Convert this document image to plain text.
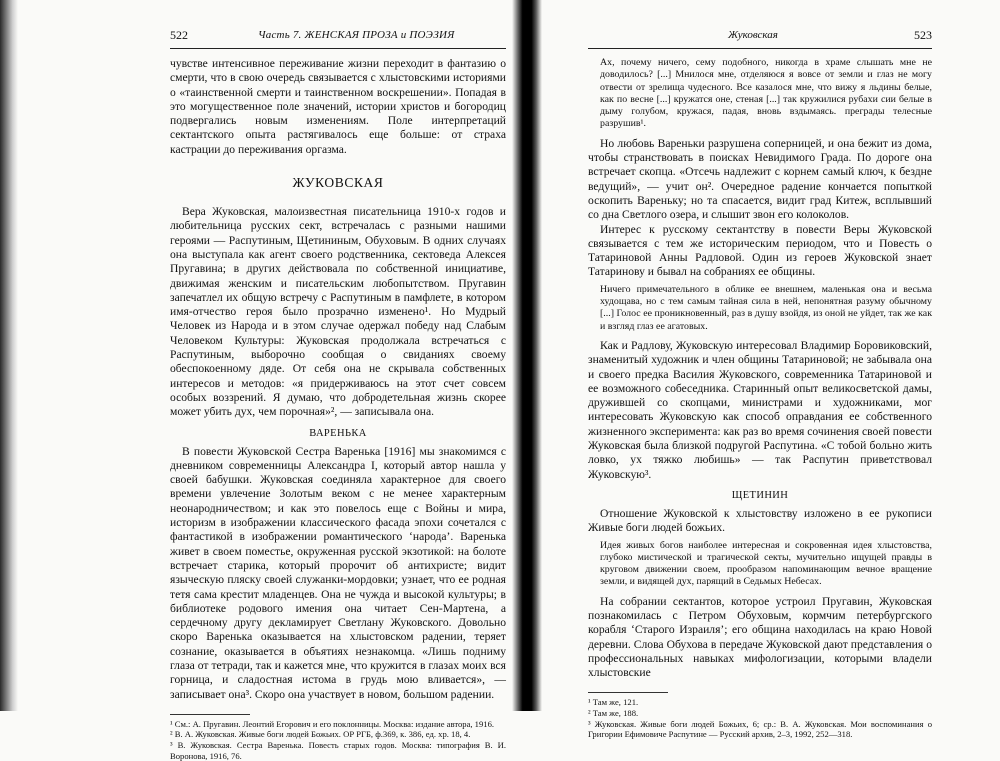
522	Часть 7. ЖЕНСКАЯ ПРОЗА и ПОЭЗИЯ

чувстве интенсивное переживание жизни переходит в фантазию о смерти, что в свою очередь связывается с хлыстовскими историями о «таинственной смерти и таинственном воскрешении». Попадая в это могущественное поле значений, истории христов и богородиц подвергались новым изменениям. Поле интерпретаций сектантского опыта растягивалось еще больше: от страха кастрации до переживания оргазма.

ЖУКОВСКАЯ

Вера Жуковская, малоизвестная писательница 1910-х годов и любительница русских сект, встречалась с разными нашими героями — Распутиным, Щетининым, Обуховым. В одних случаях она выступала как агент своего родственника, сектоведа Алексея Пругавина; в других действовала по собственной инициативе, движимая женским и писательским любопытством. Пругавин запечатлел их общую встречу с Распутиным в памфлете, в котором имя-отчество героя было прозрачно изменено¹. Но Мудрый Человек из Народа и в этом случае одержал победу над Слабым Человеком Культуры: Жуковская продолжала встречаться с Распутиным, выборочно сообщая о свиданиях своему обеспокоенному дяде. От себя она не скрывала собственных интересов и методов: «я придерживаюсь на этот счет совсем особых воззрений. Я думаю, что добродетельная жизнь скорее может убить дух, чем порочная»², — записывала она.

ВАРЕНЬКА

В повести Жуковской Сестра Варенька [1916] мы знакомимся с дневником современницы Александра I, который автор нашла у своей бабушки. Жуковская соединяла характерное для своего времени увлечение Золотым веком с не менее характерным неонародничеством; и как это повелось еще с Войны и мира, историзм в изображении классического фасада эпохи сочетался с фантастикой в изображении романтического ‘народа’. Варенька живет в своем поместье, окруженная русской экзотикой: на болоте встречает старика, который пророчит об антихристе; видит языческую пляску своей служанки-мордовки; узнает, что ее родная тетя сама крестит младенцев. Она не чужда и высокой культуры; в библиотеке родового имения она читает Сен-Мартена, а сердечному другу декламирует Светлану Жуковского. Довольно скоро Варенька оказывается на хлыстовском радении, теряет сознание, оказывается в объятиях незнакомца. «Лишь подниму глаза от тетради, так и кажется мне, что кружится в глазах моих вся горница, и сладостная истома в грудь мою вливается», — записывает она³. Скоро она участвует в новом, большом радении.

¹ См.: А. Пругавин. Леонтий Егорович и его поклонницы. Москва: издание автора, 1916.

² В. А. Жуковская. Живые боги людей Божьих. ОР РГБ, ф.369, к. 386, ед. хр. 18, 4.

³ В. Жуковская. Сестра Варенька. Повесть старых годов. Москва: типография В. И. Воронова, 1916, 76.

Жуковская	523

Ах, почему ничего, сему подобного, никогда в храме слышать мне не доводилось? [...] Мнилося мне, отделяюся я вовсе от земли и глаз не могу отвести от зрелища чудесного. Все казалося мне, что вижу я льдины белые, как по весне [...] кружатся оне, стеная [...] так кружилися рубахи сии белые в дыму голубом, кружася, падая, вновь вздымаясь. преграды телесные разрушив¹.

Но любовь Вареньки разрушена соперницей, и она бежит из дома, чтобы странствовать в поисках Невидимого Града. По дороге она встречает скопца. «Отсечь надлежит с корнем самый ключ, к бездне ведущий», — учит он². Очередное радение кончается попыткой оскопить Вареньку; но та спасается, видит град Китеж, всплывший со дна Светлого озера, и слышит звон его колоколов.

Интерес к русскому сектантству в повести Веры Жуковской связывается с тем же историческим периодом, что и Повесть о Татариновой Анны Радловой. Один из героев Жуковской знает Татаринову и бывал на собраниях ее общины.

Ничего примечательного в облике ее внешнем, маленькая она и весьма худощава, но с тем самым тайная сила в ней, непонятная разуму обычному [...] Голос ее проникновенный, раз в душу взойдя, из оной не уйдет, так же как и взгляд глаз ее агатовых.

Как и Радлову, Жуковскую интересовал Владимир Боровиковский, знаменитый художник и член общины Татариновой; не забывала она и своего предка Василия Жуковского, современника Татариновой и ее возможного собеседника. Старинный опыт великосветской дамы, дружившей со скопцами, министрами и художниками, мог интересовать Жуковскую как способ оправдания ее собственного жизненного эксперимента: как раз во время сочинения своей повести Жуковская была близкой подругой Распутина. «С тобой больно жить ловко, ух тяжко любишь» — так Распутин приветствовал Жуковскую³.

ЩЕТИНИН

Отношение Жуковской к хлыстовству изложено в ее рукописи Живые боги людей божьих.

Идея живых богов наиболее интересная и сокровенная идея хлыстовства, глубоко мистической и трагической секты, мучительно ищущей правды в круговом движении своем, прообразом напоминающим вечное вращение земли, и видящей дух, парящий в Седьмых Небесах.

На собрании сектантов, которое устроил Пругавин, Жуковская познакомилась с Петром Обуховым, кормчим петербургского корабля ‘Старого Израиля’; его община находилась на краю Новой деревни. Слова Обухова в передаче Жуковской дают представления о профессиональных навыках мифологизации, которыми владели хлыстовские

¹ Там же, 121.

² Там же, 188.

³ Жуковская. Живые боги людей Божьих, 6; ср.: В. А. Жуковская. Мои воспоминания о Григории Ефимовиче Распутине — Русский архив, 2–3, 1992, 252—318.
